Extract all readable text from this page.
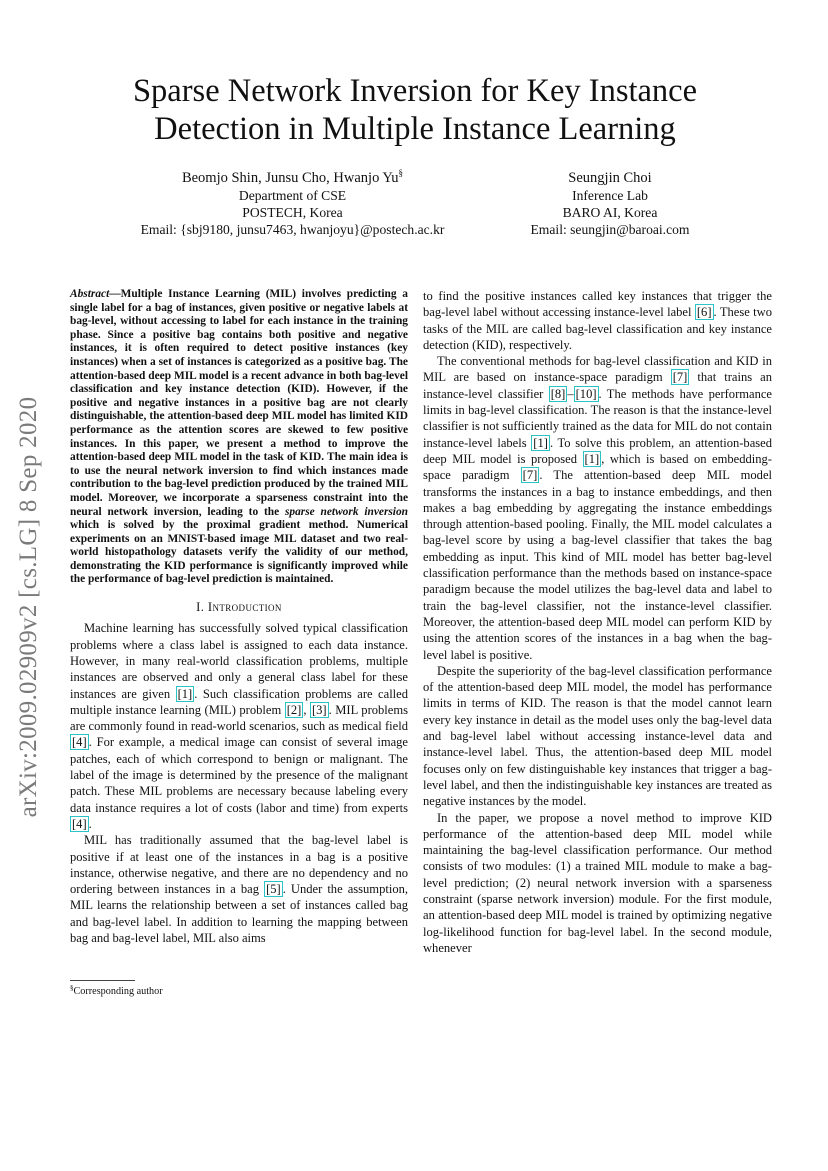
arXiv:2009.02909v2 [cs.LG] 8 Sep 2020
Sparse Network Inversion for Key Instance
Detection in Multiple Instance Learning
Beomjo Shin, Junsu Cho, Hwanjo Yu§
Department of CSE
POSTECH, Korea
Email: {sbj9180, junsu7463, hwanjoyu}@postech.ac.kr
Seungjin Choi
Inference Lab
BARO AI, Korea
Email: seungjin@baroai.com

Abstract—Multiple Instance Learning (MIL) involves predicting a single label for a bag of instances, given positive or negative labels at bag-level, without accessing to label for each instance in the training phase. Since a positive bag contains both positive and negative instances, it is often required to detect positive instances (key instances) when a set of instances is categorized as a positive bag. The attention-based deep MIL model is a recent advance in both bag-level classification and key instance detection (KID). However, if the positive and negative instances in a positive bag are not clearly distinguishable, the attention-based deep MIL model has limited KID performance as the attention scores are skewed to few positive instances. In this paper, we present a method to improve the attention-based deep MIL model in the task of KID. The main idea is to use the neural network inversion to find which instances made contribution to the bag-level prediction produced by the trained MIL model. Moreover, we incorporate a sparseness constraint into the neural network inversion, leading to the sparse network inversion which is solved by the proximal gradient method. Numerical experiments on an MNIST-based image MIL dataset and two real-world histopathology datasets verify the validity of our method, demonstrating the KID performance is significantly improved while the performance of bag-level prediction is maintained.

I. Introduction

Machine learning has successfully solved typical classification problems where a class label is assigned to each data instance. However, in many real-world classification problems, multiple instances are observed and only a general class label for these instances are given [1] . Such classification problems are called multiple instance learning (MIL) problem [2] , [3] . MIL problems are commonly found in read-world scenarios, such as medical field [4] . For example, a medical image can consist of several image patches, each of which correspond to benign or malignant. The label of the image is determined by the presence of the malignant patch. These MIL problems are necessary because labeling every data instance requires a lot of costs (labor and time) from experts [4] .

MIL has traditionally assumed that the bag-level label is positive if at least one of the instances in a bag is a positive instance, otherwise negative, and there are no dependency and no ordering between instances in a bag [5] . Under the assumption, MIL learns the relationship between a set of instances called bag and bag-level label. In addition to learning the mapping between bag and bag-level label, MIL also aims

to find the positive instances called key instances that trigger the bag-level label without accessing instance-level label [6] . These two tasks of the MIL are called bag-level classification and key instance detection (KID), respectively.

The conventional methods for bag-level classification and KID in MIL are based on instance-space paradigm [7] that trains an instance-level classifier [8] – [10] . The methods have performance limits in bag-level classification. The reason is that the instance-level classifier is not sufficiently trained as the data for MIL do not contain instance-level labels [1] . To solve this problem, an attention-based deep MIL model is proposed [1] , which is based on embedding-space paradigm [7] . The attention-based deep MIL model transforms the instances in a bag to instance embeddings, and then makes a bag embedding by aggregating the instance embeddings through attention-based pooling. Finally, the MIL model calculates a bag-level score by using a bag-level classifier that takes the bag embedding as input. This kind of MIL model has better bag-level classification performance than the methods based on instance-space paradigm because the model utilizes the bag-level data and label to train the bag-level classifier, not the instance-level classifier. Moreover, the attention-based deep MIL model can perform KID by using the attention scores of the instances in a bag when the bag-level label is positive.

Despite the superiority of the bag-level classification performance of the attention-based deep MIL model, the model has performance limits in terms of KID. The reason is that the model cannot learn every key instance in detail as the model uses only the bag-level data and bag-level label without accessing instance-level data and instance-level label. Thus, the attention-based deep MIL model focuses only on few distinguishable key instances that trigger a bag-level label, and then the indistinguishable key instances are treated as negative instances by the model.

In the paper, we propose a novel method to improve KID performance of the attention-based deep MIL model while maintaining the bag-level classification performance. Our method consists of two modules: (1) a trained MIL module to make a bag-level prediction; (2) neural network inversion with a sparseness constraint (sparse network inversion) module. For the first module, an attention-based deep MIL model is trained by optimizing negative log-likelihood function for bag-level label. In the second module, whenever

§Corresponding author
